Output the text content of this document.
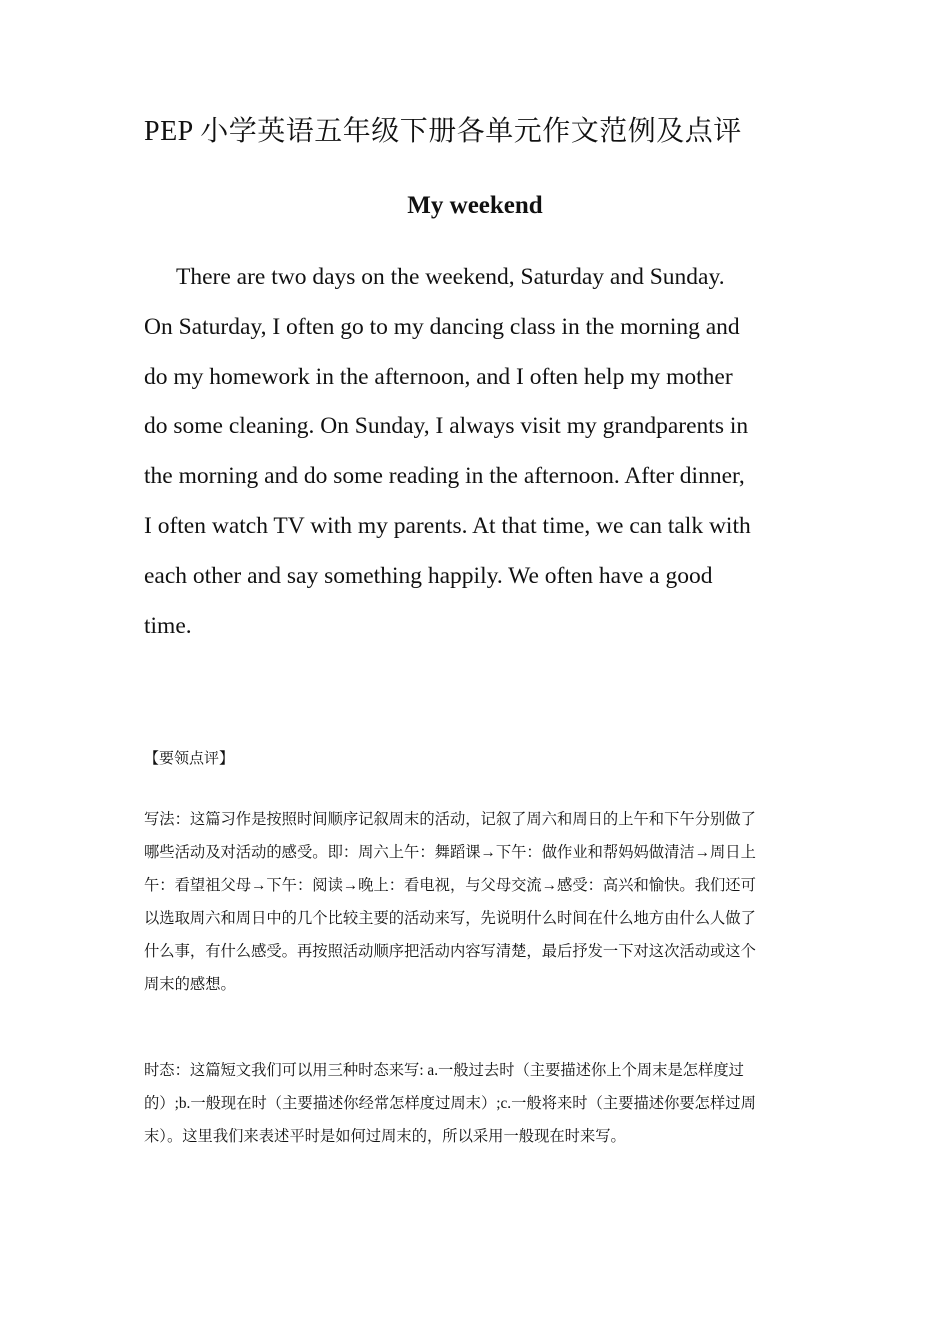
PEP 小学英语五年级下册各单元作文范例及点评
My weekend
There are two days on the weekend, Saturday and Sunday.
On Saturday, I often go to my dancing class in the morning and
do my homework in the afternoon, and I often help my mother
do some cleaning. On Sunday, I always visit my grandparents in
the morning and do some reading in the afternoon. After dinner,
I often watch TV with my parents. At that time, we can talk with
each other and say something happily. We often have a good
time.
【要领点评】
写法：这篇习作是按照时间顺序记叙周末的活动，记叙了周六和周日的上午和下午分别做了
哪些活动及对活动的感受。即：周六上午：舞蹈课→下午：做作业和帮妈妈做清洁→周日上
午：看望祖父母→下午：阅读→晚上：看电视，与父母交流→感受：高兴和愉快。我们还可
以选取周六和周日中的几个比较主要的活动来写，先说明什么时间在什么地方由什么人做了
什么事，有什么感受。再按照活动顺序把活动内容写清楚，最后抒发一下对这次活动或这个
周末的感想。
时态：这篇短文我们可以用三种时态来写: a.一般过去时（主要描述你上个周末是怎样度过
的）;b.一般现在时（主要描述你经常怎样度过周末）;c.一般将来时（主要描述你要怎样过周
末）。这里我们来表述平时是如何过周末的，所以采用一般现在时来写。
